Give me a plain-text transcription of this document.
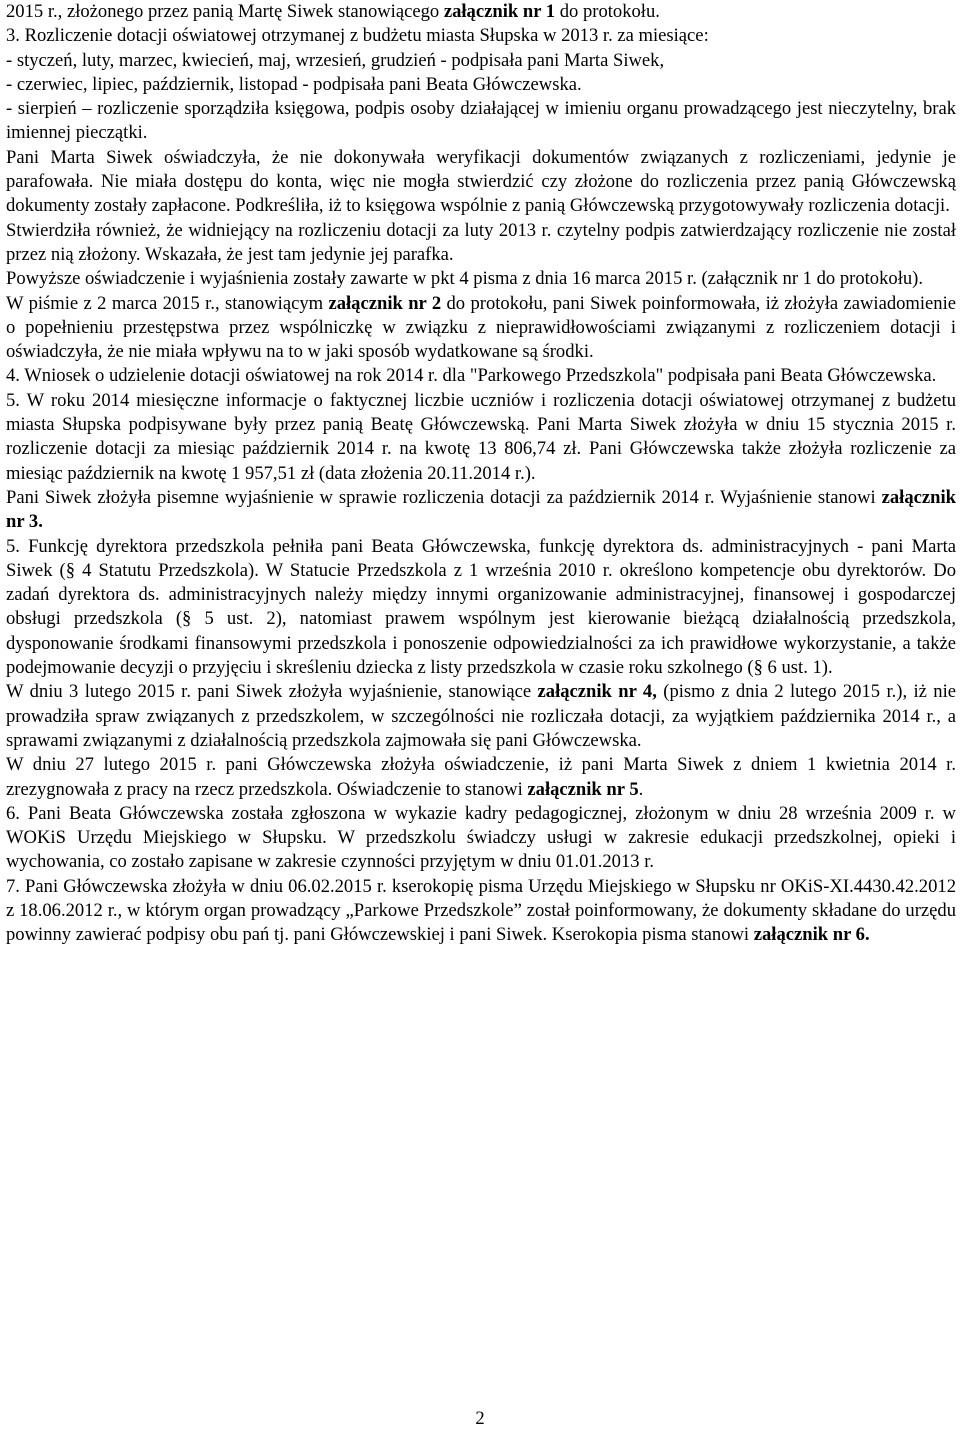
2015 r., złożonego przez panią Martę Siwek stanowiącego załącznik nr 1 do protokołu.

3. Rozliczenie dotacji oświatowej otrzymanej z budżetu miasta Słupska w 2013 r. za miesiące:

- styczeń, luty, marzec, kwiecień, maj, wrzesień, grudzień - podpisała pani Marta Siwek,

- czerwiec, lipiec, październik, listopad - podpisała pani Beata Główczewska.

- sierpień – rozliczenie sporządziła księgowa, podpis osoby działającej w imieniu organu prowadzącego jest nieczytelny, brak imiennej pieczątki.

Pani Marta Siwek oświadczyła, że nie dokonywała weryfikacji dokumentów związanych z rozliczeniami, jedynie je parafowała. Nie miała dostępu do konta, więc nie mogła stwierdzić czy złożone do rozliczenia przez panią Główczewską dokumenty zostały zapłacone. Podkreśliła, iż to księgowa wspólnie z panią Główczewską przygotowywały rozliczenia dotacji.

Stwierdziła również, że widniejący na rozliczeniu dotacji za luty 2013 r. czytelny podpis zatwierdzający rozliczenie nie został przez nią złożony. Wskazała, że jest tam jedynie jej parafka.

Powyższe oświadczenie i wyjaśnienia zostały zawarte w pkt 4 pisma z dnia 16 marca 2015 r. (załącznik nr 1 do protokołu).

W piśmie z 2 marca 2015 r., stanowiącym załącznik nr 2 do protokołu, pani Siwek poinformowała, iż złożyła zawiadomienie o popełnieniu przestępstwa przez wspólniczkę w związku z nieprawidłowościami związanymi z rozliczeniem dotacji i oświadczyła, że nie miała wpływu na to w jaki sposób wydatkowane są środki.

4. Wniosek o udzielenie dotacji oświatowej na rok 2014 r. dla "Parkowego Przedszkola" podpisała pani Beata Główczewska.

5. W roku 2014 miesięczne informacje o faktycznej liczbie uczniów i rozliczenia dotacji oświatowej otrzymanej z budżetu miasta Słupska podpisywane były przez panią Beatę Główczewską. Pani Marta Siwek złożyła w dniu 15 stycznia 2015 r. rozliczenie dotacji za miesiąc październik 2014 r. na kwotę 13 806,74 zł. Pani Główczewska także złożyła rozliczenie za miesiąc październik na kwotę 1 957,51 zł (data złożenia 20.11.2014 r.).

Pani Siwek złożyła pisemne wyjaśnienie w sprawie rozliczenia dotacji za październik 2014 r. Wyjaśnienie stanowi załącznik nr 3.

5. Funkcję dyrektora przedszkola pełniła pani Beata Główczewska, funkcję dyrektora ds. administracyjnych - pani Marta Siwek (§ 4 Statutu Przedszkola). W Statucie Przedszkola z 1 września 2010 r. określono kompetencje obu dyrektorów. Do zadań dyrektora ds. administracyjnych należy między innymi organizowanie administracyjnej, finansowej i gospodarczej obsługi przedszkola (§ 5 ust. 2), natomiast prawem wspólnym jest kierowanie bieżącą działalnością przedszkola, dysponowanie środkami finansowymi przedszkola i ponoszenie odpowiedzialności za ich prawidłowe wykorzystanie, a także podejmowanie decyzji o przyjęciu i skreśleniu dziecka z listy przedszkola w czasie roku szkolnego (§ 6 ust. 1).

W dniu 3 lutego 2015 r. pani Siwek złożyła wyjaśnienie, stanowiące załącznik nr 4, (pismo z dnia 2 lutego 2015 r.), iż nie prowadziła spraw związanych z przedszkolem, w szczególności nie rozliczała dotacji, za wyjątkiem października 2014 r., a sprawami związanymi z działalnością przedszkola zajmowała się pani Główczewska.

W dniu 27 lutego 2015 r. pani Główczewska złożyła oświadczenie, iż pani Marta Siwek z dniem 1 kwietnia 2014 r. zrezygnowała z pracy na rzecz przedszkola. Oświadczenie to stanowi załącznik nr 5.

6. Pani Beata Główczewska została zgłoszona w wykazie kadry pedagogicznej, złożonym w dniu 28 września 2009 r. w WOKiS Urzędu Miejskiego w Słupsku. W przedszkolu świadczy usługi w zakresie edukacji przedszkolnej, opieki i wychowania, co zostało zapisane w zakresie czynności przyjętym w dniu 01.01.2013 r.

7. Pani Główczewska złożyła w dniu 06.02.2015 r. kserokopię pisma Urzędu Miejskiego w Słupsku nr OKiS-XI.4430.42.2012 z 18.06.2012 r., w którym organ prowadzący „Parkowe Przedszkole” został poinformowany, że dokumenty składane do urzędu powinny zawierać podpisy obu pań tj. pani Główczewskiej i pani Siwek. Kserokopia pisma stanowi załącznik nr 6.

2
